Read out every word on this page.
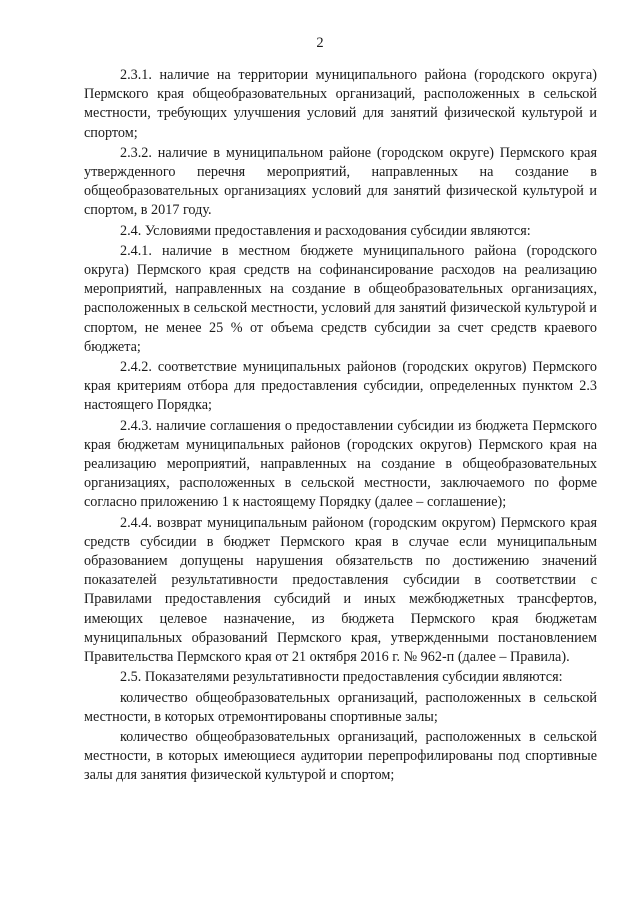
2

2.3.1. наличие на территории муниципального района (городского округа) Пермского края общеобразовательных организаций, расположенных в сельской местности, требующих улучшения условий для занятий физической культурой и спортом;

2.3.2. наличие в муниципальном районе (городском округе) Пермского края утвержденного перечня мероприятий, направленных на создание в общеобразовательных организациях условий для занятий физической культурой и спортом, в 2017 году.

2.4. Условиями предоставления и расходования субсидии являются:

2.4.1. наличие в местном бюджете муниципального района (городского округа) Пермского края средств на софинансирование расходов на реализацию мероприятий, направленных на создание в общеобразовательных организациях, расположенных в сельской местности, условий для занятий физической культурой и спортом, не менее 25 % от объема средств субсидии за счет средств краевого бюджета;

2.4.2. соответствие муниципальных районов (городских округов) Пермского края критериям отбора для предоставления субсидии, определенных пунктом 2.3 настоящего Порядка;

2.4.3. наличие соглашения о предоставлении субсидии из бюджета Пермского края бюджетам муниципальных районов (городских округов) Пермского края на реализацию мероприятий, направленных на создание в общеобразовательных организациях, расположенных в сельской местности, заключаемого по форме согласно приложению 1 к настоящему Порядку (далее – соглашение);

2.4.4. возврат муниципальным районом (городским округом) Пермского края средств субсидии в бюджет Пермского края в случае если муниципальным образованием допущены нарушения обязательств по достижению значений показателей результативности предоставления субсидии в соответствии с Правилами предоставления субсидий и иных межбюджетных трансфертов, имеющих целевое назначение, из бюджета Пермского края бюджетам муниципальных образований Пермского края, утвержденными постановлением Правительства Пермского края от 21 октября 2016 г. № 962-п (далее – Правила).

2.5. Показателями результативности предоставления субсидии являются:

количество общеобразовательных организаций, расположенных в сельской местности, в которых отремонтированы спортивные залы;

количество общеобразовательных организаций, расположенных в сельской местности, в которых имеющиеся аудитории перепрофилированы под спортивные залы для занятия физической культурой и спортом;
